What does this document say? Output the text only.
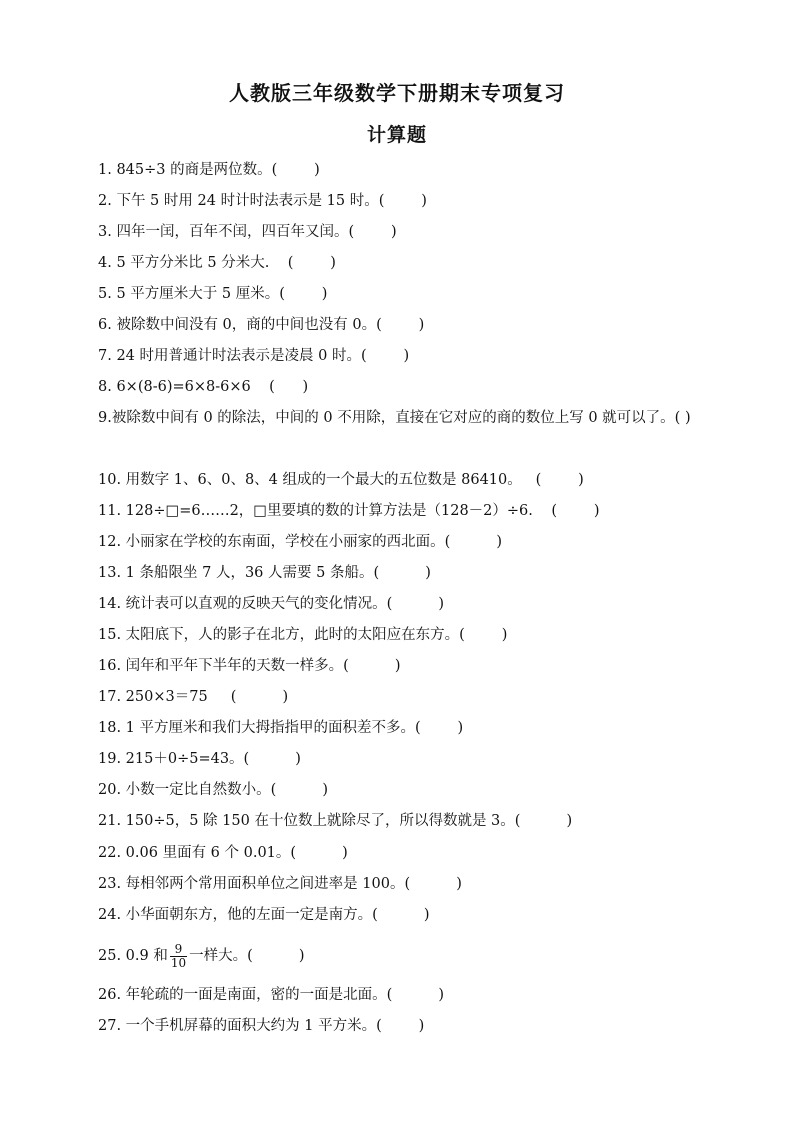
人教版三年级数学下册期末专项复习
计算题
1. 845÷3 的商是两位数。(        )
2. 下午 5 时用 24 时计时法表示是 15 时。(        )
3. 四年一闰，百年不闰，四百年又闰。(        )
4. 5 平方分米比 5 分米大.    (        )
5. 5 平方厘米大于 5 厘米。(        )
6. 被除数中间没有 0，商的中间也没有 0。(        )
7. 24 时用普通计时法表示是凌晨 0 时。(        )
8. 6×(8-6)=6×8-6×6    (      )
9.被除数中间有 0 的除法，中间的 0 不用除，直接在它对应的商的数位上写 0 就可以了。( )
10. 用数字 1、6、0、8、4 组成的一个最大的五位数是 86410。   (        )
11. 128÷□=6……2，□里要填的数的计算方法是（128－2）÷6.    (        )
12. 小丽家在学校的东南面，学校在小丽家的西北面。(          )
13. 1 条船限坐 7 人，36 人需要 5 条船。(          )
14. 统计表可以直观的反映天气的变化情况。(          )
15. 太阳底下，人的影子在北方，此时的太阳应在东方。(        )
16. 闰年和平年下半年的天数一样多。(          )
17. 250×3＝75     (          )
18. 1 平方厘米和我们大拇指指甲的面积差不多。(        )
19. 215＋0÷5=43。(          )
20. 小数一定比自然数小。(          )
21. 150÷5，5 除 150 在十位数上就除尽了，所以得数就是 3。(          )
22. 0.06 里面有 6 个 0.01。(          )
23. 每相邻两个常用面积单位之间进率是 100。(          )
24. 小华面朝东方，他的左面一定是南方。(          )
25. 0.9 和 $\frac{9}{10}$ 一样大。(          )
26. 年轮疏的一面是南面，密的一面是北面。(          )
27. 一个手机屏幕的面积大约为 1 平方米。(        )
